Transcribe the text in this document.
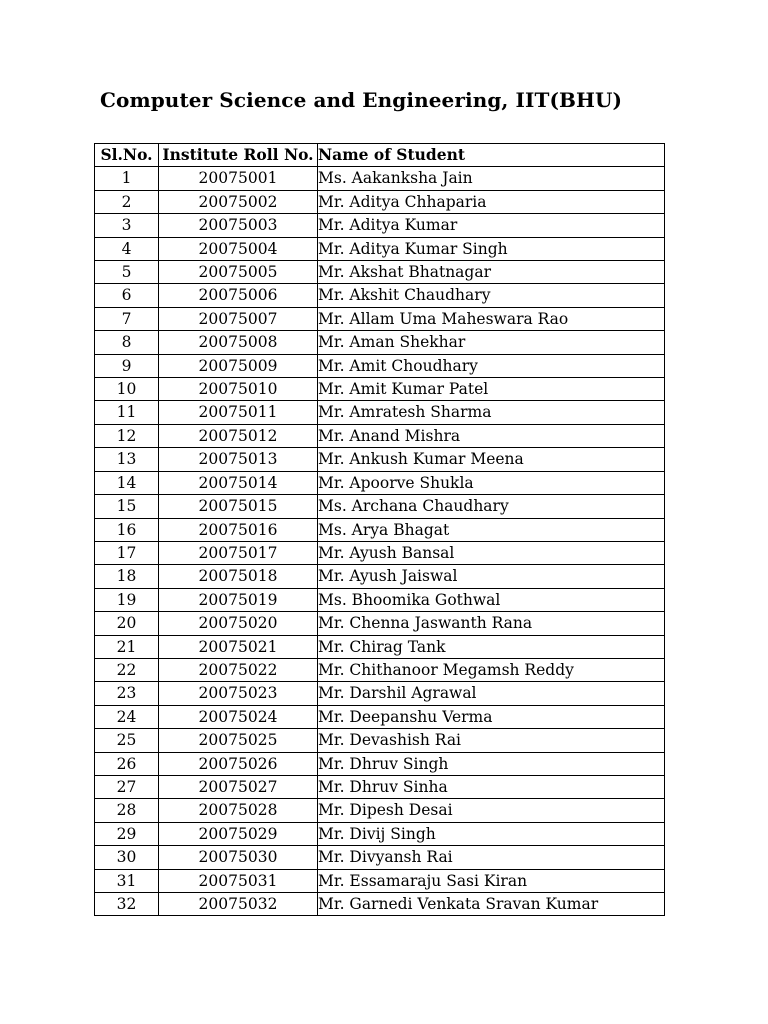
Computer Science and Engineering, IIT(BHU)
Sl.No.	Institute Roll No.	Name of Student
1	20075001	Ms. Aakanksha Jain
2	20075002	Mr. Aditya Chhaparia
3	20075003	Mr. Aditya Kumar
4	20075004	Mr. Aditya Kumar Singh
5	20075005	Mr. Akshat Bhatnagar
6	20075006	Mr. Akshit Chaudhary
7	20075007	Mr. Allam Uma Maheswara Rao
8	20075008	Mr. Aman Shekhar
9	20075009	Mr. Amit Choudhary
10	20075010	Mr. Amit Kumar Patel
11	20075011	Mr. Amratesh Sharma
12	20075012	Mr. Anand Mishra
13	20075013	Mr. Ankush Kumar Meena
14	20075014	Mr. Apoorve Shukla
15	20075015	Ms. Archana Chaudhary
16	20075016	Ms. Arya Bhagat
17	20075017	Mr. Ayush Bansal
18	20075018	Mr. Ayush Jaiswal
19	20075019	Ms. Bhoomika Gothwal
20	20075020	Mr. Chenna Jaswanth Rana
21	20075021	Mr. Chirag Tank
22	20075022	Mr. Chithanoor Megamsh Reddy
23	20075023	Mr. Darshil Agrawal
24	20075024	Mr. Deepanshu Verma
25	20075025	Mr. Devashish Rai
26	20075026	Mr. Dhruv Singh
27	20075027	Mr. Dhruv Sinha
28	20075028	Mr. Dipesh Desai
29	20075029	Mr. Divij Singh
30	20075030	Mr. Divyansh Rai
31	20075031	Mr. Essamaraju Sasi Kiran
32	20075032	Mr. Garnedi Venkata Sravan Kumar
